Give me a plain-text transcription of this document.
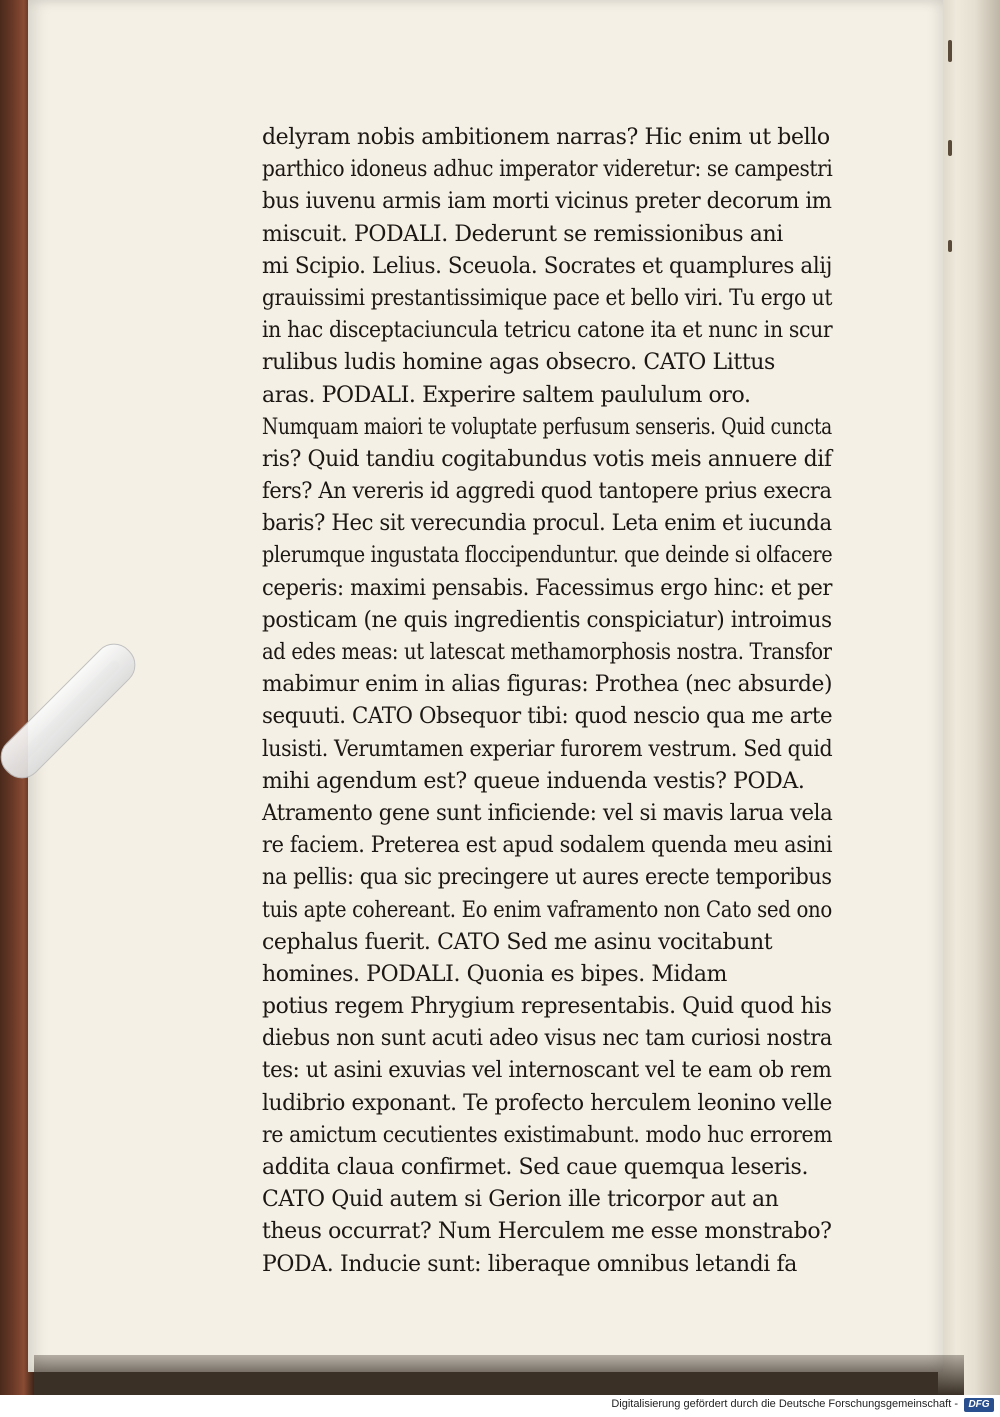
delyram nobis ambitionem narras? Hic enim ut bello
parthico idoneus adhuc imperator videretur: se campestri
bus iuvenu armis iam morti vicinus preter decorum im
miscuit. PODALI. Dederunt se remissionibus ani
mi Scipio. Lelius. Sceuola. Socrates et quamplures alij
grauissimi prestantissimique pace et bello viri. Tu ergo ut
in hac disceptaciuncula tetricu catone ita et nunc in scur
rulibus ludis homine agas obsecro. CATO Littus
aras. PODALI. Experire saltem paululum oro.
Numquam maiori te voluptate perfusum senseris. Quid cuncta
ris? Quid tandiu cogitabundus votis meis annuere dif
fers? An vereris id aggredi quod tantopere prius execra
baris? Hec sit verecundia procul. Leta enim et iucunda
plerumque ingustata floccipenduntur. que deinde si olfacere
ceperis: maximi pensabis. Facessimus ergo hinc: et per
posticam (ne quis ingredientis conspiciatur) introimus
ad edes meas: ut latescat methamorphosis nostra. Transfor
mabimur enim in alias figuras: Prothea (nec absurde)
sequuti. CATO Obsequor tibi: quod nescio qua me arte
lusisti. Verumtamen experiar furorem vestrum. Sed quid
mihi agendum est? queue induenda vestis? PODA.
Atramento gene sunt inficiende: vel si mavis larua vela
re faciem. Preterea est apud sodalem quenda meu asini
na pellis: qua sic precingere ut aures erecte temporibus
tuis apte cohereant. Eo enim vaframento non Cato sed ono
cephalus fuerit. CATO Sed me asinu vocitabunt
homines. PODALI. Quonia es bipes. Midam
potius regem Phrygium representabis. Quid quod his
diebus non sunt acuti adeo visus nec tam curiosi nostra
tes: ut asini exuvias vel internoscant vel te eam ob rem
ludibrio exponant. Te profecto herculem leonino velle
re amictum cecutientes existimabunt. modo huc errorem
addita claua confirmet. Sed caue quemqua leseris.
CATO Quid autem si Gerion ille tricorpor aut an
theus occurrat? Num Herculem me esse monstrabo?
PODA. Inducie sunt: liberaque omnibus letandi fa
Digitalisierung gefördert durch die Deutsche Forschungsgemeinschaft -	DFG
